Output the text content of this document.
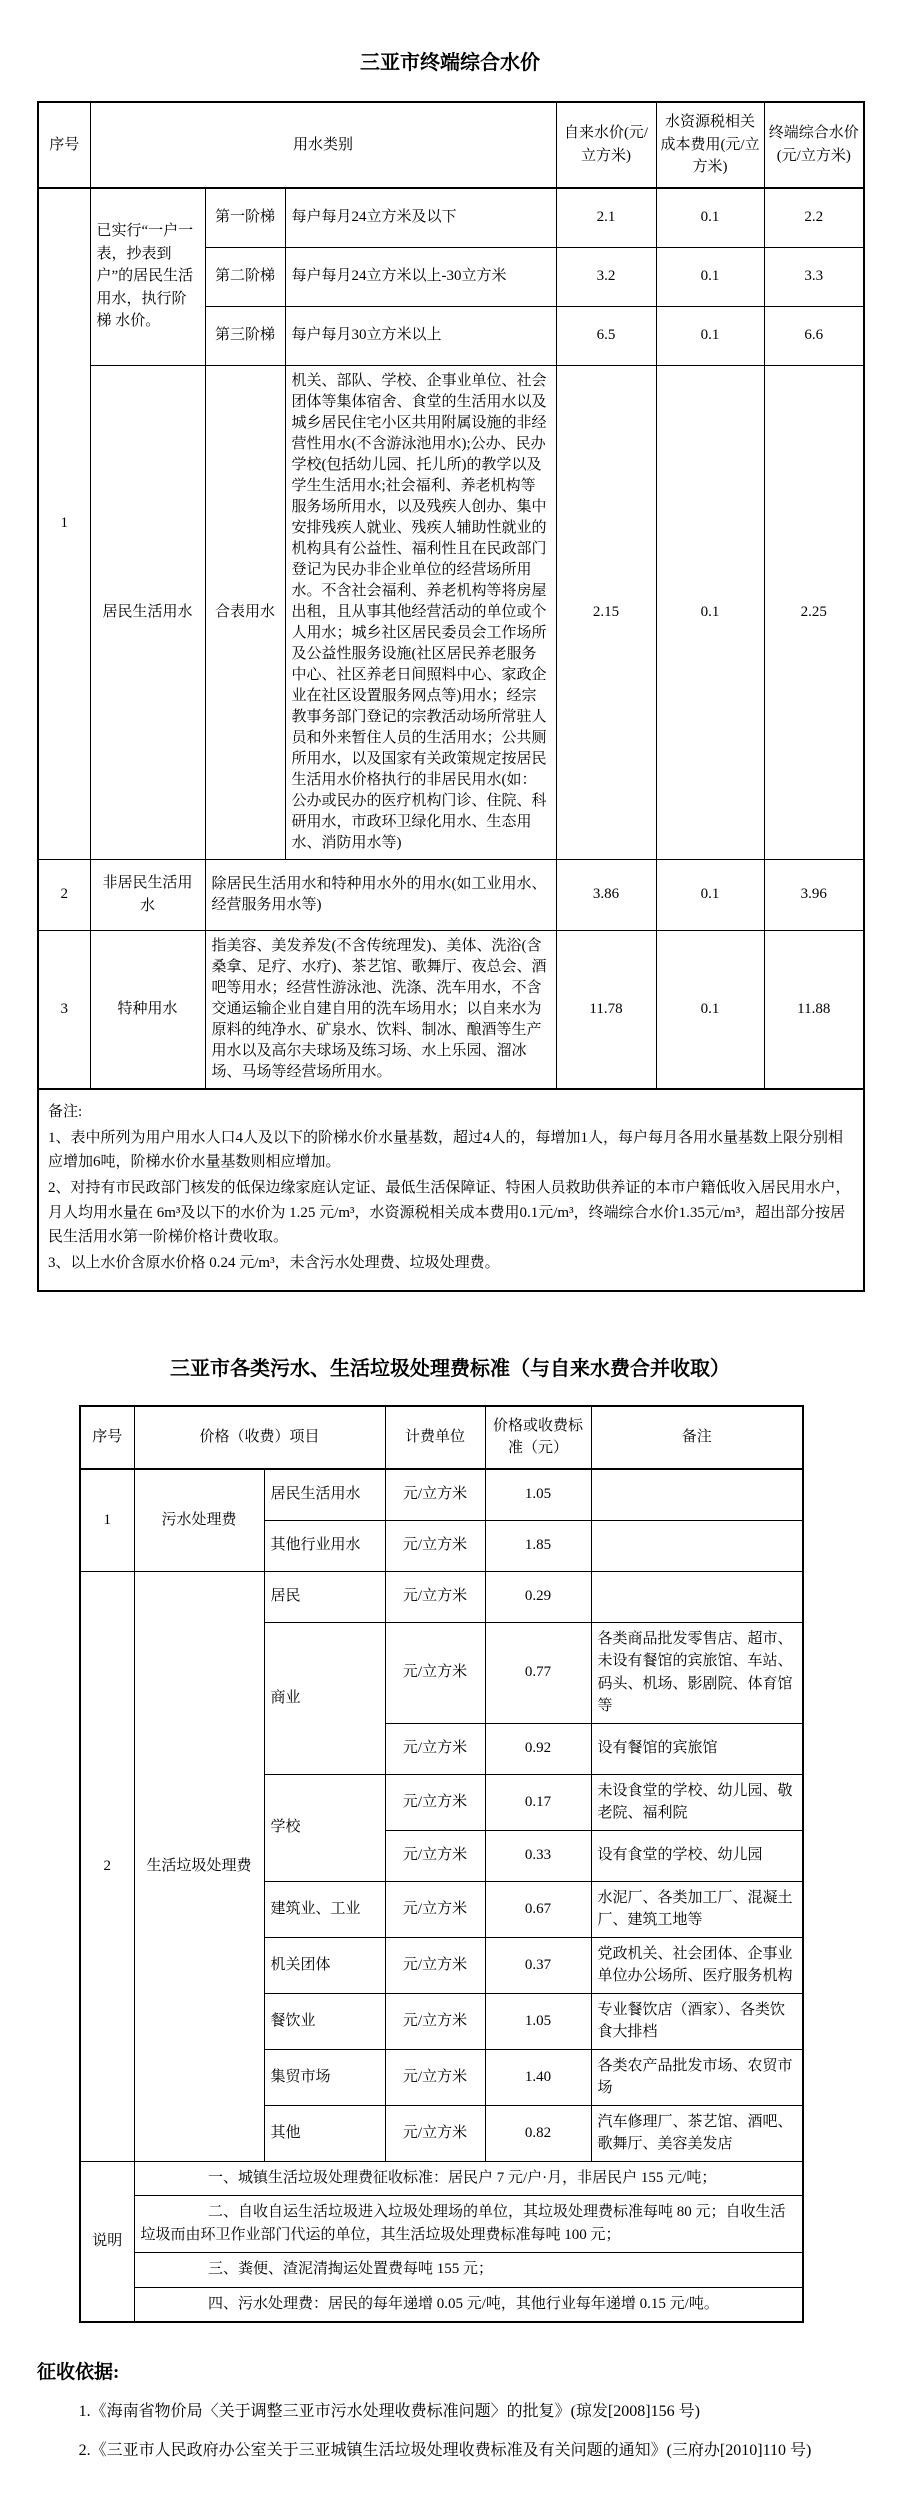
三亚市终端综合水价
序号	用水类别			自来水价(元/立方米)	水资源税相关成本费用(元/立方米)	终端综合水价(元/立方米)
1	已实行“一户一表，抄表到户”的居民生活用水，执行阶梯 水价。	第一阶梯	每户每月24立方米及以下	2.1	0.1	2.2
		第二阶梯	每户每月24立方米以上-30立方米	3.2	0.1	3.3
		第三阶梯	每户每月30立方米以上	6.5	0.1	6.6
	居民生活用水	合表用水	机关、部队、学校、企事业单位、社会团体等集体宿舍、食堂的生活用水以及城乡居民住宅小区共用附属设施的非经营性用水(不含游泳池用水);公办、民办学校(包括幼儿园、托儿所)的教学以及学生生活用水;社会福利、养老机构等服务场所用水，以及残疾人创办、集中安排残疾人就业、残疾人辅助性就业的机构具有公益性、福利性且在民政部门登记为民办非企业单位的经营场所用水。不含社会福利、养老机构等将房屋出租，且从事其他经营活动的单位或个人用水；城乡社区居民委员会工作场所及公益性服务设施(社区居民养老服务中心、社区养老日间照料中心、家政企业在社区设置服务网点等)用水；经宗教事务部门登记的宗教活动场所常驻人员和外来暂住人员的生活用水；公共厕所用水，以及国家有关政策规定按居民生活用水价格执行的非居民用水(如：公办或民办的医疗机构门诊、住院、科研用水，市政环卫绿化用水、生态用水、消防用水等)	2.15	0.1	2.25
2	非居民生活用水	除居民生活用水和特种用水外的用水(如工业用水、经营服务用水等)		3.86	0.1	3.96
3	特种用水	指美容、美发养发(不含传统理发)、美体、洗浴(含桑拿、足疗、水疗)、茶艺馆、歌舞厅、夜总会、酒吧等用水；经营性游泳池、洗涤、洗车用水，不含交通运输企业自建自用的洗车场用水；以自来水为原料的纯净水、矿泉水、饮料、制冰、酿酒等生产用水以及高尔夫球场及练习场、水上乐园、溜冰场、马场等经营场所用水。		11.78	0.1	11.88

备注:

1、表中所列为用户用水人口4人及以下的阶梯水价水量基数，超过4人的，每增加1人，每户每月各用水量基数上限分别相应增加6吨，阶梯水价水量基数则相应增加。

2、对持有市民政部门核发的低保边缘家庭认定证、最低生活保障证、特困人员救助供养证的本市户籍低收入居民用水户，月人均用水量在 6m³及以下的水价为 1.25 元/m³，水资源税相关成本费用0.1元/m³，终端综合水价1.35元/m³，超出部分按居民生活用水第一阶梯价格计费收取。

3、以上水价含原水价格 0.24 元/m³，未含污水处理费、垃圾处理费。

三亚市各类污水、生活垃圾处理费标准（与自来水费合并收取）
序号	价格（收费）项目		计费单位	价格或收费标准（元）	备注
1	污水处理费	居民生活用水	元/立方米	1.05	
		其他行业用水	元/立方米	1.85	
2	生活垃圾处理费	居民	元/立方米	0.29	
		商业	元/立方米	0.77	各类商品批发零售店、超市、未设有餐馆的宾旅馆、车站、码头、机场、影剧院、体育馆等
			元/立方米	0.92	设有餐馆的宾旅馆
		学校	元/立方米	0.17	未设食堂的学校、幼儿园、敬老院、福利院
			元/立方米	0.33	设有食堂的学校、幼儿园
		建筑业、工业	元/立方米	0.67	水泥厂、各类加工厂、混凝土厂、建筑工地等
		机关团体	元/立方米	0.37	党政机关、社会团体、企事业单位办公场所、医疗服务机构
		餐饮业	元/立方米	1.05	专业餐饮店（酒家）、各类饮食大排档
		集贸市场	元/立方米	1.40	各类农产品批发市场、农贸市场
		其他	元/立方米	0.82	汽车修理厂、茶艺馆、酒吧、歌舞厅、美容美发店
说明	一、城镇生活垃圾处理费征收标准：居民户 7 元/户·月，非居民户 155 元/吨；				

	二、自收自运生活垃圾进入垃圾处理场的单位，其垃圾处理费标准每吨 80 元；自收生活垃圾而由环卫作业部门代运的单位，其生活垃圾处理费标准每吨 100 元；				

	三、粪便、渣泥清掏运处置费每吨 155 元；				

	四、污水处理费：居民的每年递增 0.05 元/吨，其他行业每年递增 0.15 元/吨。				

征收依据:

1.《海南省物价局〈关于调整三亚市污水处理收费标准问题〉的批复》(琼发[2008]156 号)

2.《三亚市人民政府办公室关于三亚城镇生活垃圾处理收费标准及有关问题的通知》(三府办[2010]110 号)
